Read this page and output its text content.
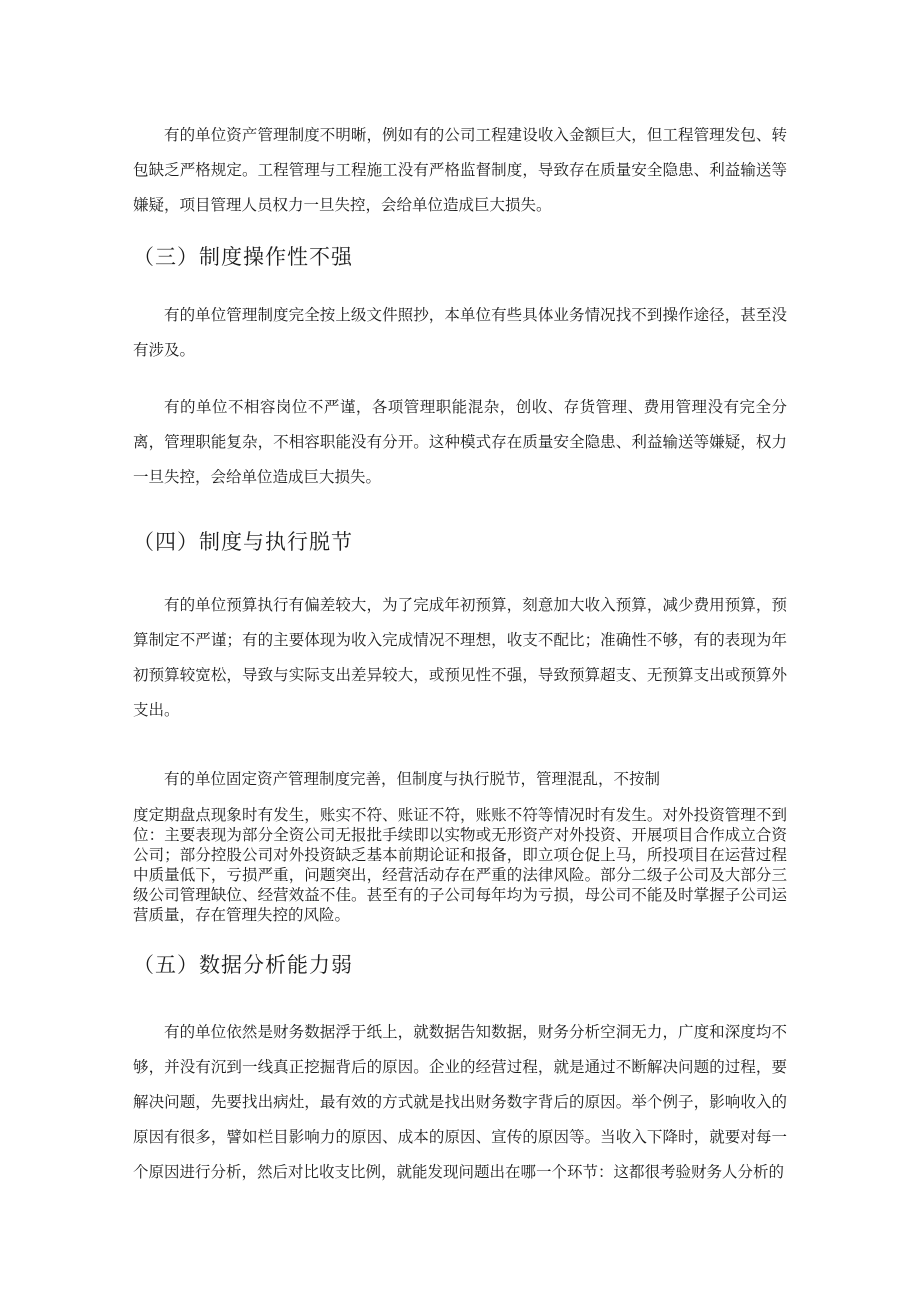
有的单位资产管理制度不明晰，例如有的公司工程建设收入金额巨大，但工程管理发包、转包缺乏严格规定。工程管理与工程施工没有严格监督制度，导致存在质量安全隐患、利益输送等嫌疑，项目管理人员权力一旦失控，会给单位造成巨大损失。

（三）制度操作性不强

有的单位管理制度完全按上级文件照抄，本单位有些具体业务情况找不到操作途径，甚至没有涉及。

有的单位不相容岗位不严谨，各项管理职能混杂，创收、存货管理、费用管理没有完全分离，管理职能复杂，不相容职能没有分开。这种模式存在质量安全隐患、利益输送等嫌疑，权力一旦失控，会给单位造成巨大损失。

（四）制度与执行脱节

有的单位预算执行有偏差较大，为了完成年初预算，刻意加大收入预算，减少费用预算，预算制定不严谨；有的主要体现为收入完成情况不理想，收支不配比；准确性不够，有的表现为年初预算较宽松，导致与实际支出差异较大，或预见性不强，导致预算超支、无预算支出或预算外支出。

有的单位固定资产管理制度完善，但制度与执行脱节，管理混乱，不按制

度定期盘点现象时有发生，账实不符、账证不符，账账不符等情况时有发生。对外投资管理不到位：主要表现为部分全资公司无报批手续即以实物或无形资产对外投资、开展项目合作成立合资公司；部分控股公司对外投资缺乏基本前期论证和报备，即立项仓促上马，所投项目在运营过程中质量低下，亏损严重，问题突出，经营活动存在严重的法律风险。部分二级子公司及大部分三级公司管理缺位、经营效益不佳。甚至有的子公司每年均为亏损，母公司不能及时掌握子公司运营质量，存在管理失控的风险。

（五）数据分析能力弱

有的单位依然是财务数据浮于纸上，就数据告知数据，财务分析空洞无力，广度和深度均不够，并没有沉到一线真正挖掘背后的原因。企业的经营过程，就是通过不断解决问题的过程，要解决问题，先要找出病灶，最有效的方式就是找出财务数字背后的原因。举个例子，影响收入的原因有很多，譬如栏目影响力的原因、成本的原因、宣传的原因等。当收入下降时，就要对每一个原因进行分析，然后对比收支比例，就能发现问题出在哪一个环节：这都很考验财务人分析的
